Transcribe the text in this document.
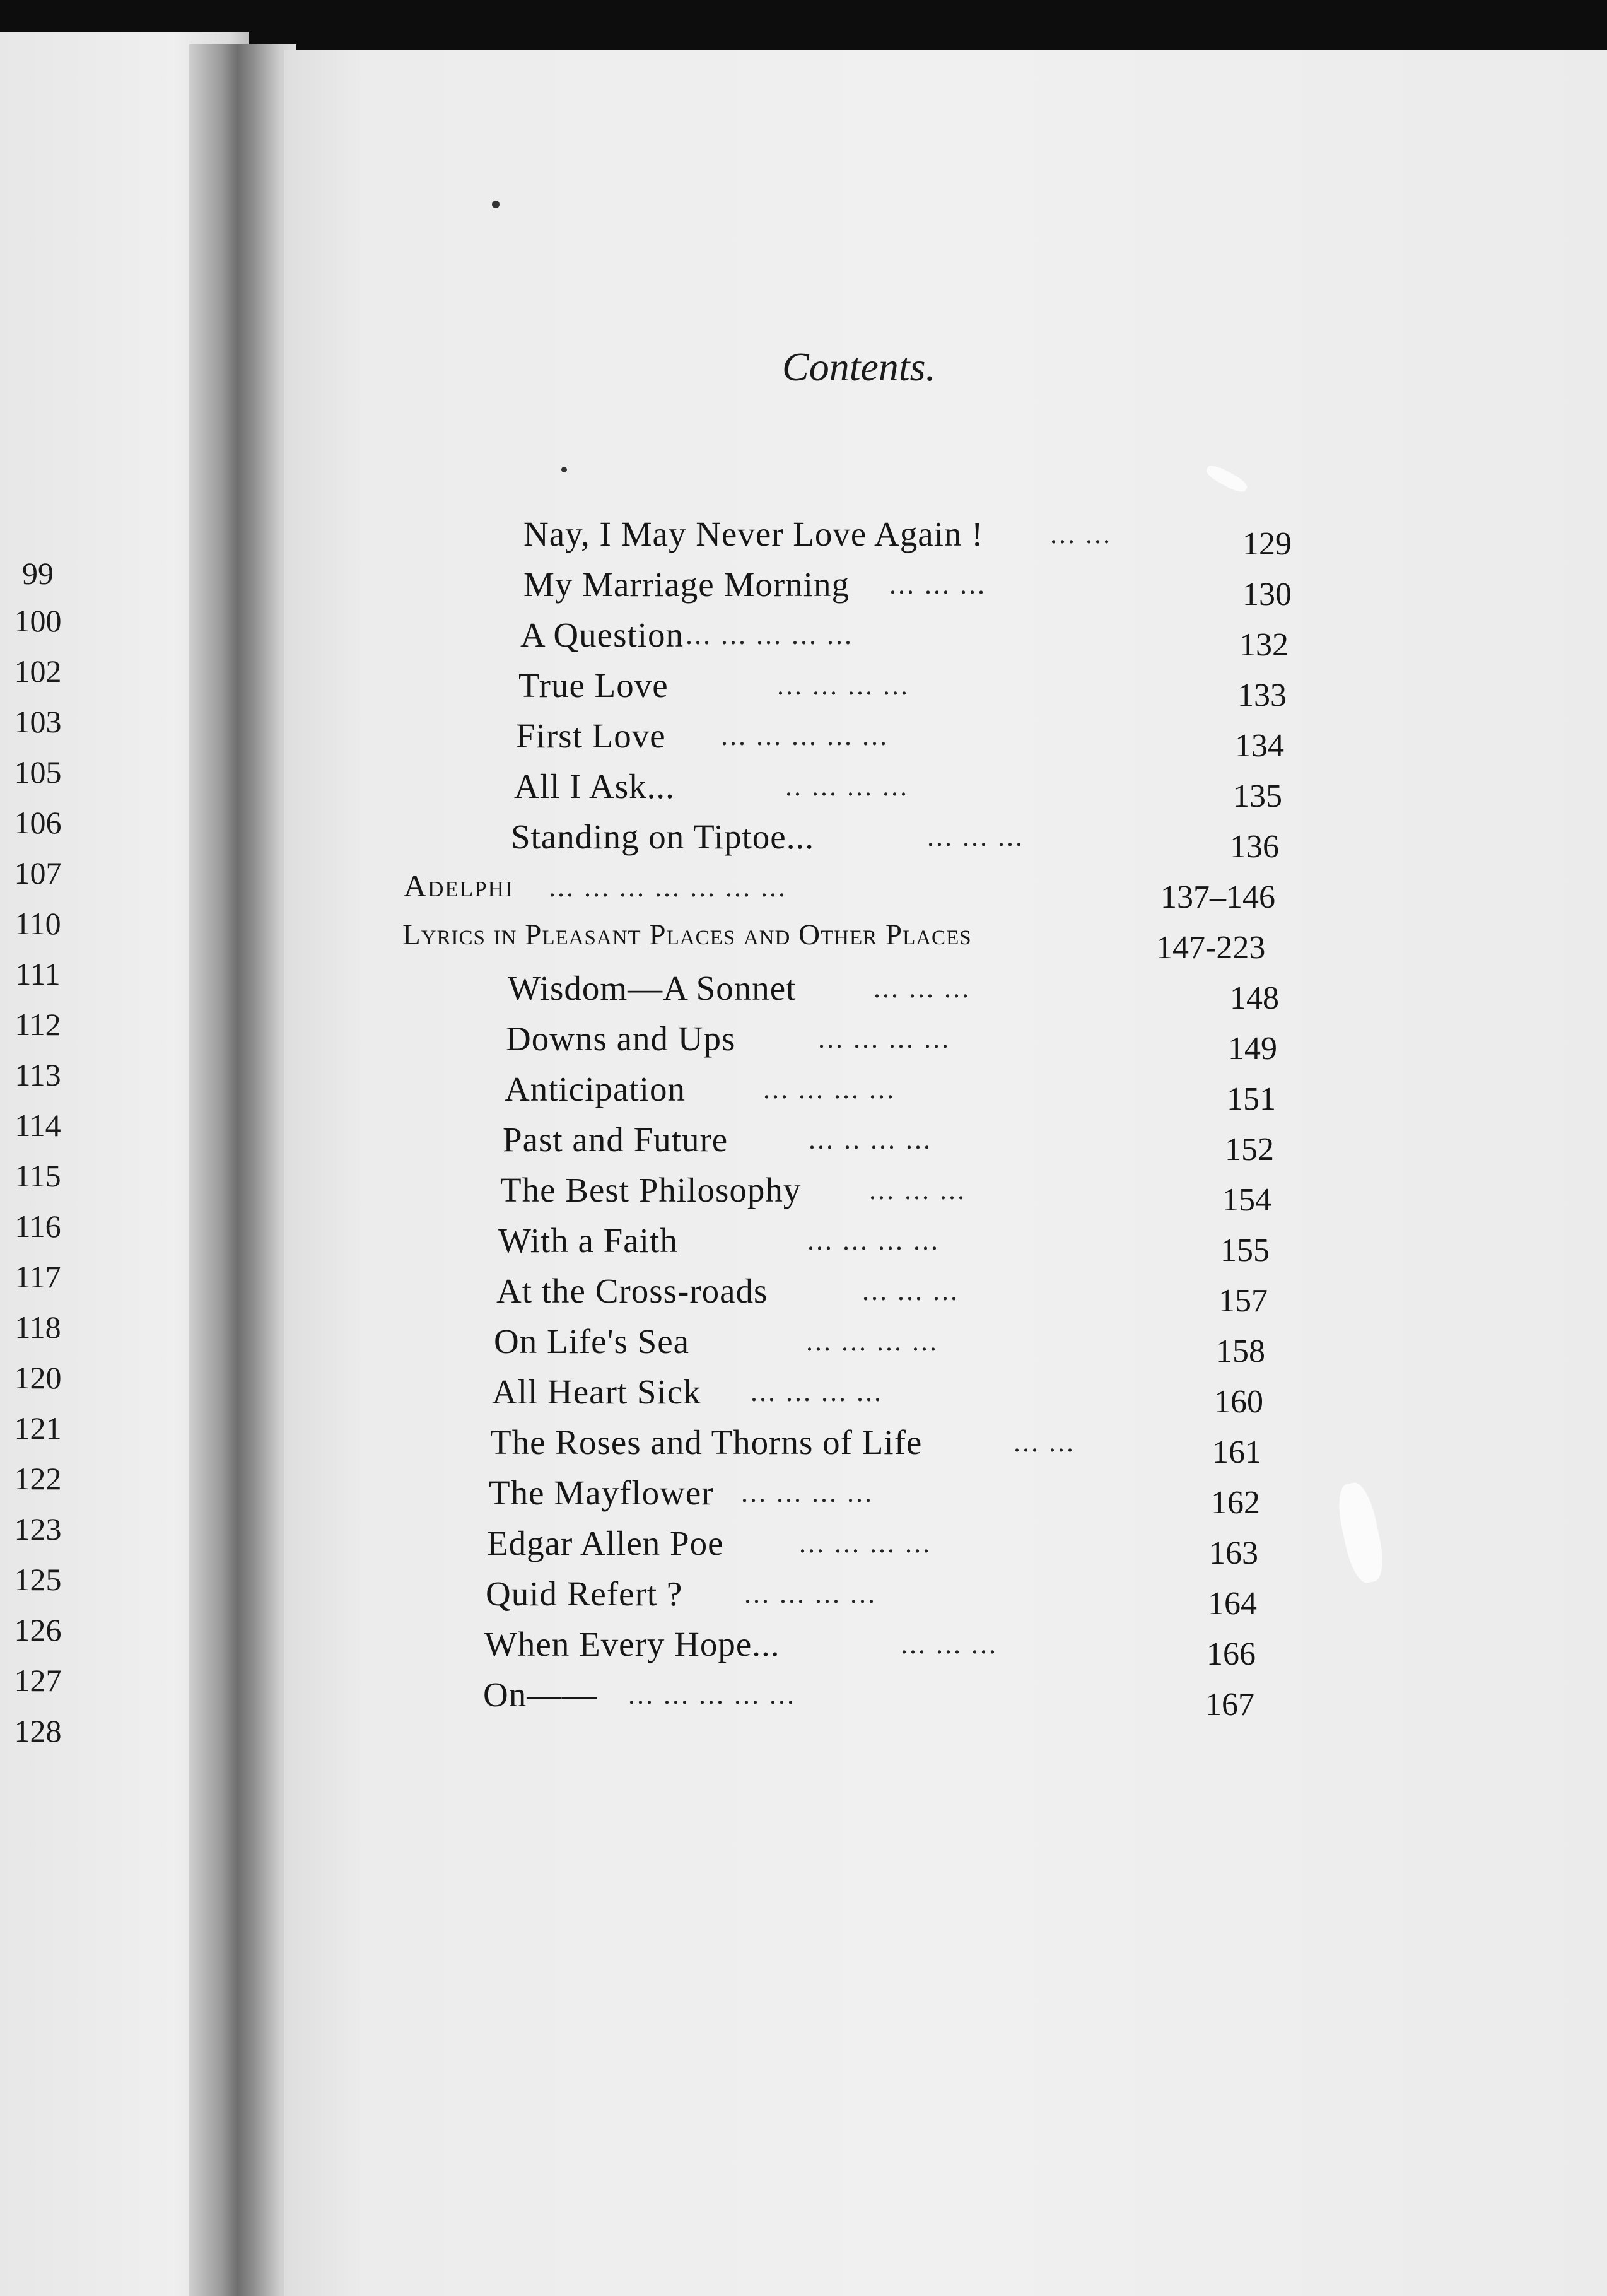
99
100
102
103
105
106
107
110
111
112
113
114
115
116
117
118
120
121
122
123
125
126
127
128
Contents.
Nay, I May Never Love Again ! ... ...	129
My Marriage Morning ... ... ...	130
A Question ... ... ... ... ...	132
True Love	... ... ... ...	133
First Love ... ... ... ... ...	134
All I Ask...	.. ... ... ...	135
Standing on Tiptoe...	... ... ...	136
Adelphi ... ... ... ... ... ... ...	137–146
Lyrics in Pleasant Places and Other Places	147-223
Wisdom—A Sonnet	... ... ...	148
Downs and Ups	... ... ... ...	149
Anticipation	... ... ... ...	151
Past and Future	... .. ... ...	152
The Best Philosophy ... ... ...	154
With a Faith	... ... ... ...	155
At the Cross-roads	... ... ...	157
On Life's Sea	... ... ... ...	158
All Heart Sick ... ... ... ...	160
The Roses and Thorns of Life	... ...	161
The Mayflower ... ... ... ...	162
Edgar Allen Poe	... ... ... ...	163
Quid Refert ? ... ... ... ...	164
When Every Hope...	... ... ...	166
On—— ... ... ... ... ...	167
